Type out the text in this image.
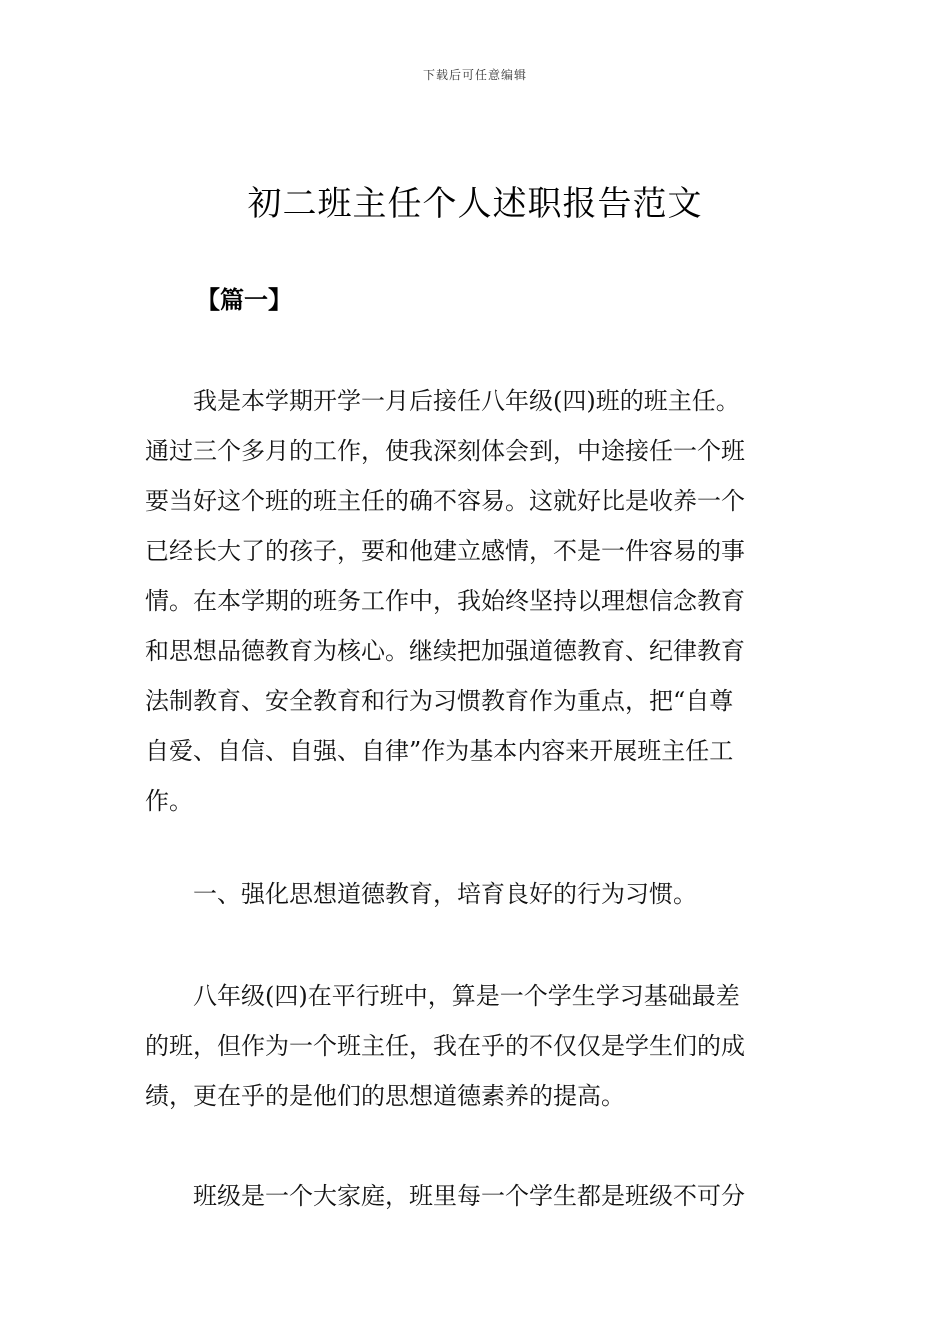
下载后可任意编辑
初二班主任个人述职报告范文
【篇一】
　　我是本学期开学一月后接任八年级(四)班的班主任。
通过三个多月的工作，使我深刻体会到，中途接任一个班
要当好这个班的班主任的确不容易。这就好比是收养一个
已经长大了的孩子，要和他建立感情，不是一件容易的事
情。在本学期的班务工作中，我始终坚持以理想信念教育
和思想品德教育为核心。继续把加强道德教育、纪律教育
法制教育、安全教育和行为习惯教育作为重点，把“自尊
自爱、自信、自强、自律”作为基本内容来开展班主任工
作。
　　一、强化思想道德教育，培育良好的行为习惯。
　　八年级(四)在平行班中，算是一个学生学习基础最差
的班，但作为一个班主任，我在乎的不仅仅是学生们的成
绩，更在乎的是他们的思想道德素养的提高。
　　班级是一个大家庭，班里每一个学生都是班级不可分
